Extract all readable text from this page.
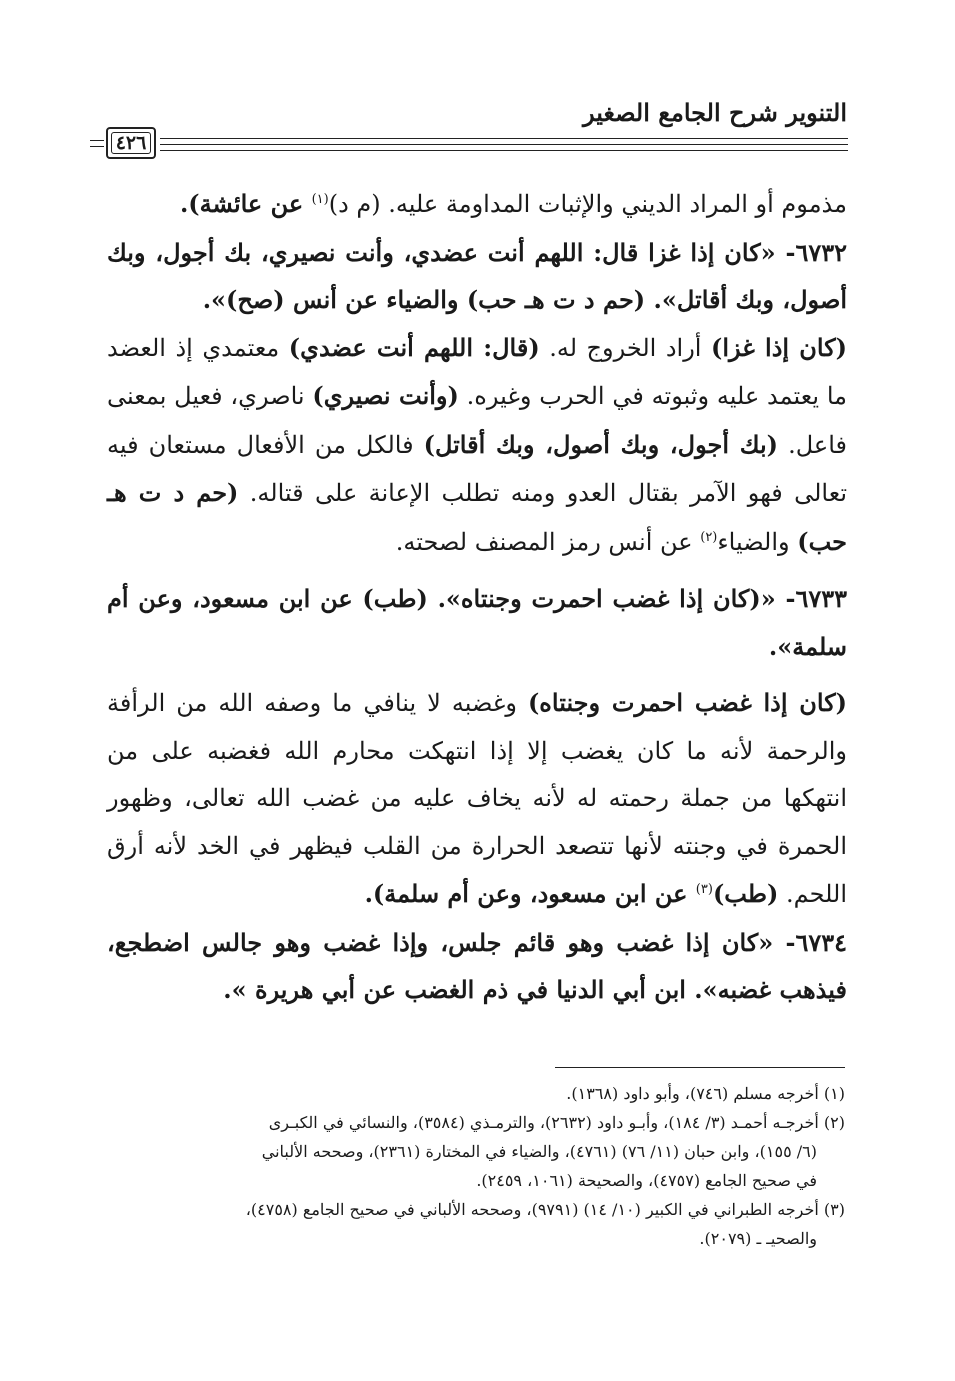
التنوير شرح الجامع الصغير
٤٢٦

مذموم أو المراد الديني والإثبات المداومة عليه. (م د)$^{(١)}$ عن عائشة).

٦٧٣٢- «كان إذا غزا قال: اللهم أنت عضدي، وأنت نصيري، بك أجول، وبك أصول، وبك أقاتل». (حم د ت هـ حب) والضياء عن أنس (صح)».

(كان إذا غزا) أراد الخروج له. (قال: اللهم أنت عضدي) معتمدي إذ العضد ما يعتمد عليه وثبوته في الحرب وغيره. (وأنت نصيري) ناصري، فعيل بمعنى فاعل. (بك أجول، وبك أصول، وبك أقاتل) فالكل من الأفعال مستعان فيه تعالى فهو الآمر بقتال العدو ومنه تطلب الإعانة على قتاله. (حم د ت هـ حب) والضياء$^{(٢)}$ عن أنس رمز المصنف لصحته.

٦٧٣٣- «(كان إذا غضب احمرت وجنتاه». (طب) عن ابن مسعود، وعن أم سلمة».

(كان إذا غضب احمرت وجنتاه) وغضبه لا ينافي ما وصفه الله من الرأفة والرحمة لأنه ما كان يغضب إلا إذا انتهكت محارم الله فغضبه على من انتهكها من جملة رحمته له لأنه يخاف عليه من غضب الله تعالى، وظهور الحمرة في وجنته لأنها تتصعد الحرارة من القلب فيظهر في الخد لأنه أرق اللحم. (طب)$^{(٣)}$ عن ابن مسعود، وعن أم سلمة).

٦٧٣٤- «كان إذا غضب وهو قائم جلس، وإذا غضب وهو جالس اضطجع، فيذهب غضبه». ابن أبي الدنيا في ذم الغضب عن أبي هريرة ».

(١) أخرجه مسلم (٧٤٦)، وأبو داود (١٣٦٨).

(٢) أخرجـه أحمـد (٣/ ١٨٤)، وأبـو داود (٢٦٣٢)، والترمـذي (٣٥٨٤)، والنسائي في الكبـرى

(٦/ ١٥٥)، وابن حبان (١١/ ٧٦) (٤٧٦١)، والضياء في المختارة (٢٣٦١)، وصححه الألباني

في صحيح الجامع (٤٧٥٧)، والصحيحة (١٠٦١، ٢٤٥٩).

(٣) أخرجه الطبراني في الكبير (١٠/ ١٤) (٩٧٩١)، وصححه الألباني في صحيح الجامع (٤٧٥٨)،

والصحيـ ـ (٢٠٧٩).
